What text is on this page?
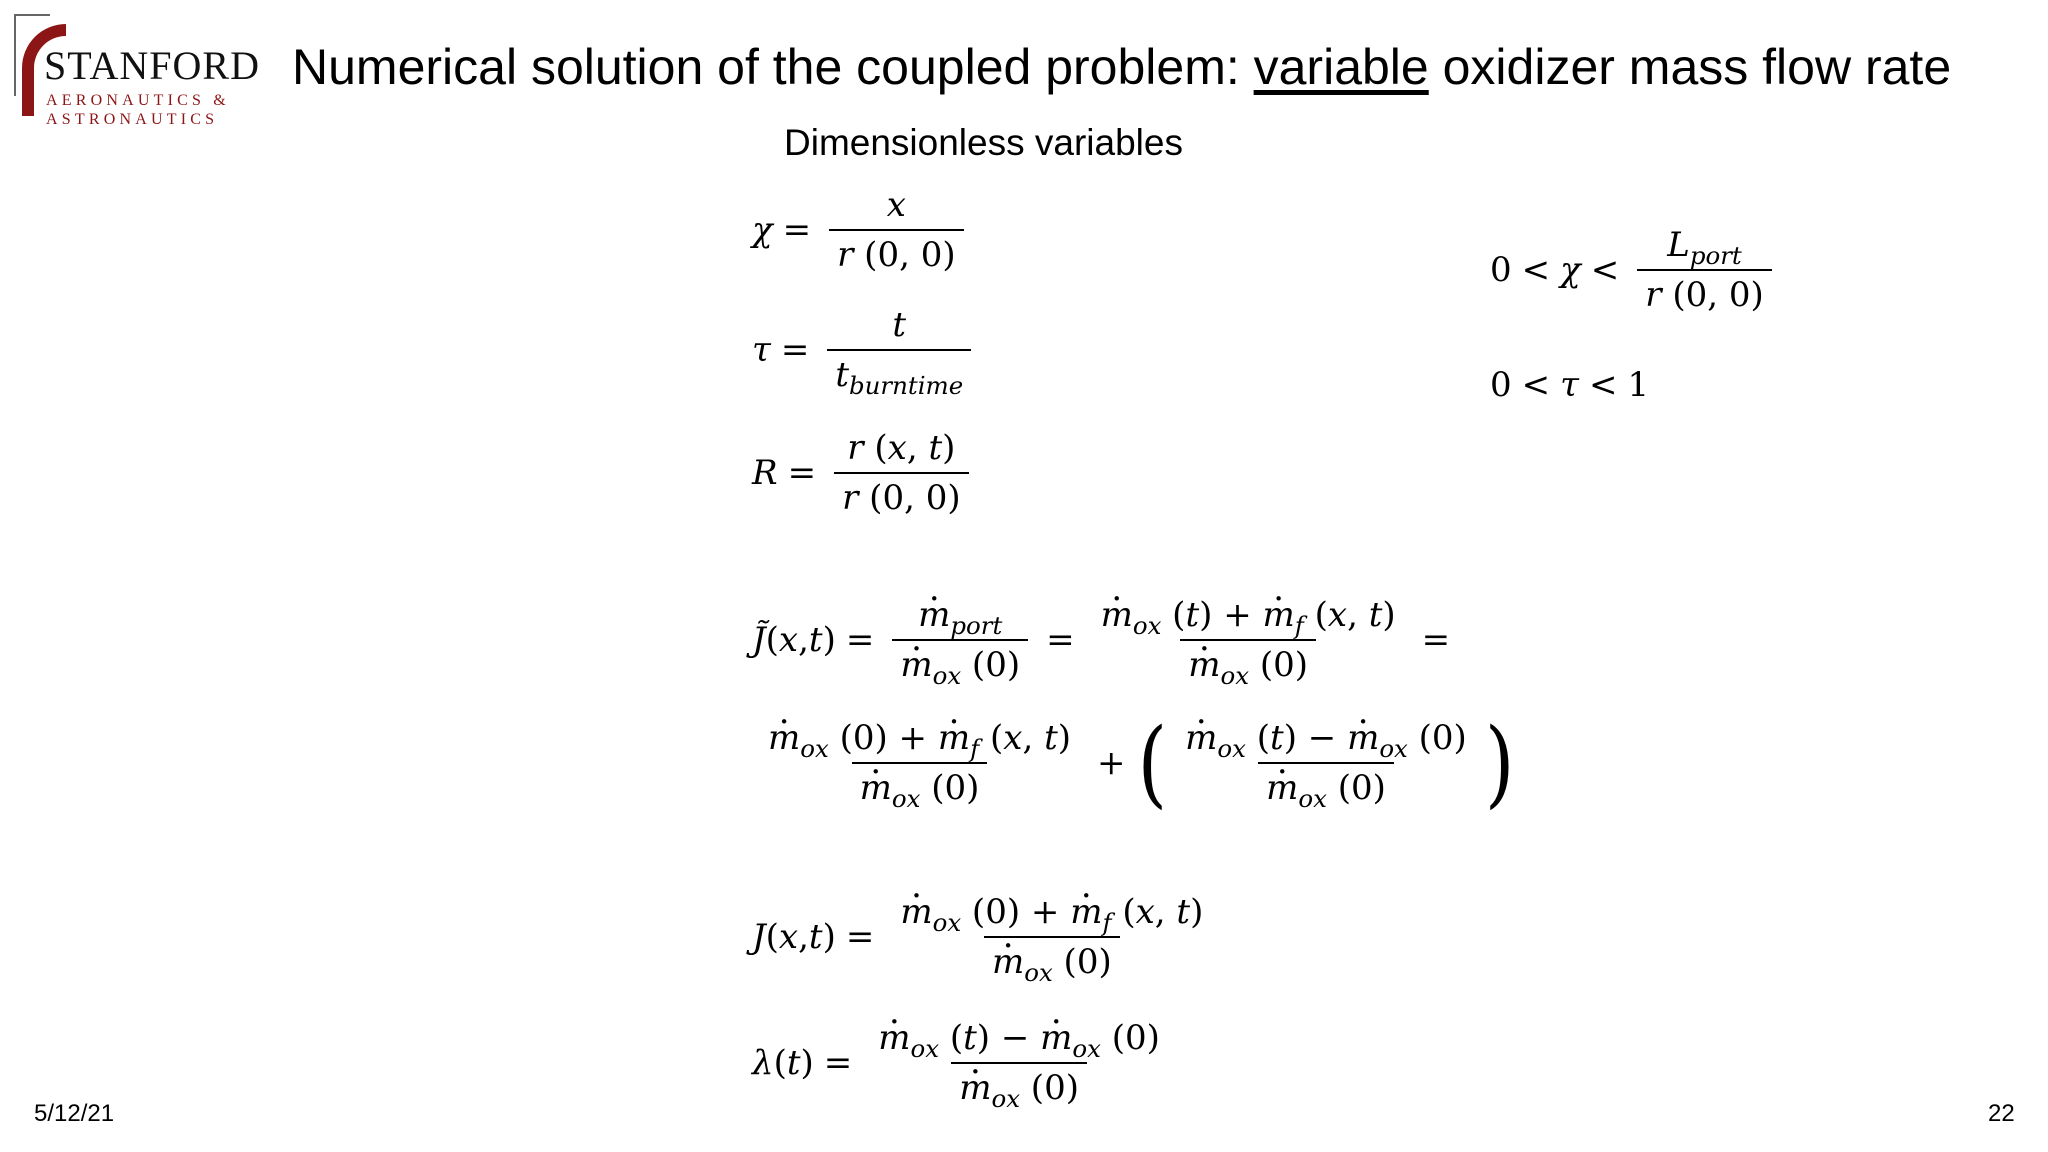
STANFORD
AERONAUTICS &
ASTRONAUTICS
Numerical solution of the coupled problem: variable oxidizer mass flow rate
Dimensionless variables
$\chi = \frac{x}{r (0, 0)}$
$\tau = \frac{t}{t_{burntime}}$
$R = \frac{r (x, t)}{r (0, 0)}$
$0 < \chi < \frac{L_{port}}{r (0, 0)}$
0 < τ < 1
J̃ ( x , t ) = · $m_{port}$
· $m_{ox}$ (0) = · $m_{ox}$ (t) + · $m_f$ (x, t)
· $m_{ox}$ (0) =
· $m_{ox}$ (0) + · $m_f$ (x, t)
· $m_{ox}$ (0) + ( · $m_{ox}$ (t) − · $m_{ox}$ (0)
· $m_{ox}$ (0) )
J ( x , t ) = · $m_{ox}$ (0) + · $m_f$ (x, t)
· $m_{ox}$ (0)
λ ( t ) = · $m_{ox}$ (t) − · $m_{ox}$ (0)
· $m_{ox}$ (0)
5/12/21	22
